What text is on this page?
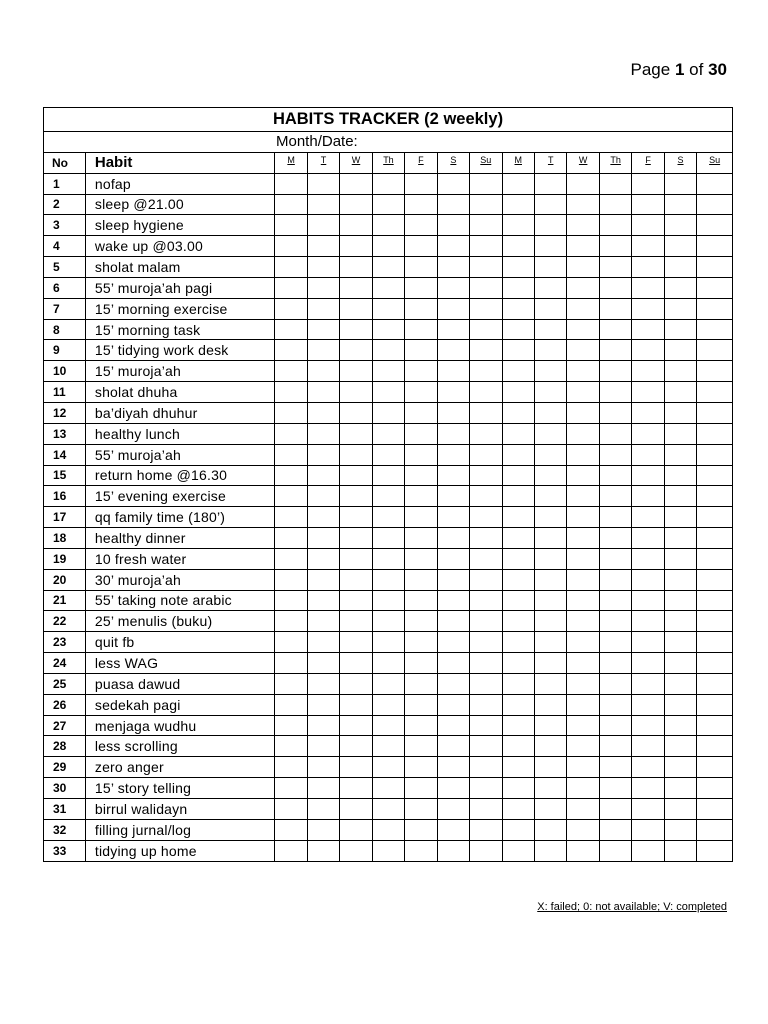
Page 1 of 30
HABITS TRACKER (2 weekly)															
Month/Date:															
No	Habit	M	T	W	Th	F	S	Su	M	T	W	Th	F	S	Su
1	nofap														
2	sleep @21.00														
3	sleep hygiene														
4	wake up @03.00														
5	sholat malam														
6	55’ muroja’ah pagi														
7	15’ morning exercise														
8	15’ morning task														
9	15’ tidying work desk														
10	15’ muroja’ah														
11	sholat dhuha														
12	ba’diyah dhuhur														
13	healthy lunch														
14	55’ muroja’ah														
15	return home @16.30														
16	15’ evening exercise														
17	qq family time (180’)														
18	healthy dinner														
19	10 fresh water														
20	30’ muroja’ah														
21	55’ taking note arabic														
22	25’ menulis (buku)														
23	quit fb														
24	less WAG														
25	puasa dawud														
26	sedekah pagi														
27	menjaga wudhu														
28	less scrolling														
29	zero anger														
30	15’ story telling														
31	birrul walidayn														
32	filling jurnal/log														
33	tidying up home														
X: failed; 0: not available; V: completed
